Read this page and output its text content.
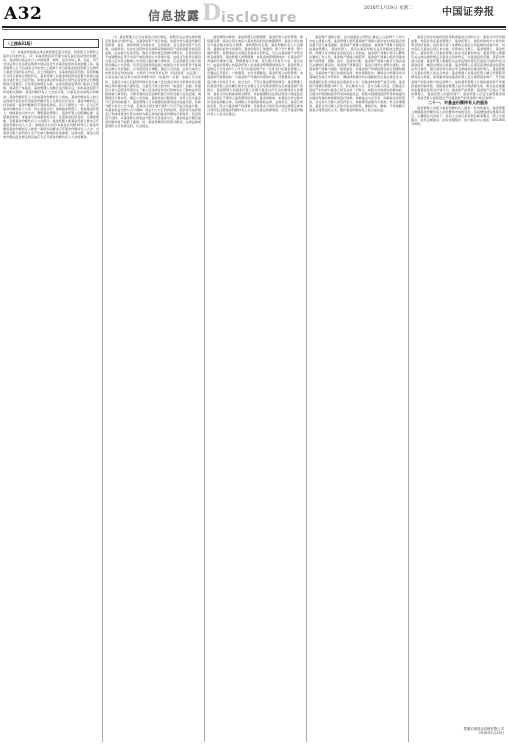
A32	信息披露 D isclosure
2016年1月19日 星期二	中国证券报
（上接A31版）
（1）本基金将按照法律法规的规定进行投资，投资组合比例符合基金合同的约定。（2）本基金的投资范围为具有良好流动性的金融工具，包括国内依法发行上市的股票、债券、货币市场工具、权证、资产支持证券以及法律法规或中国证监会允许基金投资的其他金融工具。基金管理人应当自基金合同生效之日起6个月内使基金的投资组合比例符合基金合同的有关约定。在上述期间内，本基金的投资范围、投资策略应当符合基金合同的约定。基金托管人对基金的投资的监督与检查自基金合同生效之日起开始。如果法律法规对基金合同约定投资组合比例限制进行变更的，以变更后的规定为准。法律法规或监管部门取消上述限制，如适用于本基金，基金管理人在履行适当程序后，则本基金投资不再受相关限制。基金份额持有人大会的召集、议事及表决的程序和规则：基金份额持有人大会由基金份额持有人组成，基金份额持有人的合法授权代表有权代表基金份额持有人出席会议并表决。基金份额持有人持有的每一基金份额拥有平等的投票权。有以下情形之一的，应当召开基金份额持有人大会：终止基金合同；更换基金管理人；更换基金托管人；转换基金运作方式；调整基金管理人、基金托管人的报酬标准；变更基金类别；本基金与其他基金的合并；变更基金投资目标、范围或策略；变更基金份额持有人大会程序；基金管理人或基金托管人要求召开基金份额持有人大会；单独或合计持有本基金总份额10%以上基金份额的基金份额持有人就同一事项书面要求召开基金份额持有人大会；对基金当事人权利和义务产生重大影响的其他事项；法律法规、基金合同或中国证监会规定的其他应当召开基金份额持有人大会的事项。
（1）基金管理人应当在基金合同生效后，按照有关法律法规的规定和基金合同的约定，对基金的资产进行估值。估值对象为基金所拥有的股票、权证、债券和银行存款本息、应收款项、其它投资等资产及负债。估值原则：对存在活跃市场且能够获取相同资产或负债报价的投资品种，在估值日有报价的，除会计准则规定的例外情况外，应将该报价不加调整地应用于该资产或负债的公允价值计量。估值日无报价且最近交易日后未发生影响公允价值计量的重大事件的，应采用最近交易日的报价确定公允价值。有充足证据表明估值日或最近交易日的报价不能真实反映公允价值的，应对报价进行调整，确定公允价值。证券交易所上市的有价证券的估值：交易所上市的有价证券（包括股票、权证等），以其估值日在证券交易所挂牌的市价（收盘价）估值；估值日无交易的，且最近交易日后经济环境未发生重大变化或证券发行机构未发生影响证券价格的重大事件的，以最近交易日的市价（收盘价）估值；如最近交易日后经济环境发生了重大变化或证券发行机构发生了影响证券价格的重大事件的，可参考类似投资品种的现行市价及重大变化因素，调整最近交易市价，确定公允价格。基金收益分配原则：在符合有关基金分红条件的前提下，基金管理人可以根据实际情况进行收益分配，具体分配方案以公告为准，若基金合同生效不满3个月可不进行收益分配；本基金收益分配方式分两种：现金分红与红利再投资，投资者可选择现金红利或将现金红利自动转为相应类别的基金份额进行再投资；若投资者不选择，本基金默认的收益分配方式是现金分红；基金收益分配后基金份额净值不能低于面值；每一基金份额享有同等分配权；法律法规或监管机关另有规定的，从其规定。
基金费用的种类：基金管理人的管理费；基金托管人的托管费；销售服务费；基金合同生效后与基金相关的信息披露费用；基金合同生效后与基金相关的会计师费、律师费和诉讼费；基金份额持有人大会费用；基金的证券交易费用；基金的银行汇划费用；账户开户费用、账户维护费用；按照国家有关规定和基金合同约定，可以在基金财产中列支的其他费用。基金管理人的管理费：本基金的管理费按前一日基金资产净值的年费率计提，管理费每日计算，逐日累计至每月月末，按月支付，由基金管理人向基金托管人发送基金管理费划款指令，基金托管人复核后于次月前5个工作日内从基金财产中一次性支付给基金管理人。若遇法定节假日、公休假等，支付日期顺延。基金托管人的托管费：本基金的托管费按前一日基金资产净值的年费率计提，托管费每日计算，逐日累计至每月月末，按月支付。不列入基金费用的项目：基金管理人和基金托管人因未履行或未完全履行义务导致的费用支出或基金财产的损失；基金管理人和基金托管人处理与基金运作无关的事项发生的费用；基金合同生效前的相关费用；其他根据相关法律法规及中国证监会的有关规定不得列入基金费用的项目。基金的税收：本基金运作过程中涉及的各纳税主体，其纳税义务按国家税收法律、法规执行。基金合同的变更、终止与基金财产的清算：变更基金合同涉及法律法规规定或本合同约定应经基金份额持有人大会决议通过的事项的，应召开基金份额持有人大会决议通过。
基金财产清算小组：自出现基金合同终止事由之日起30个工作日内成立清算小组，基金管理人组织基金财产清算小组并在中国证监会的监督下进行基金清算。基金财产清算小组组成：基金财产清算小组成员由基金管理人、基金托管人、具有从事证券相关业务资格的注册会计师、律师以及中国证监会指定的人员组成。基金财产清算小组可以聘用必要的工作人员。基金财产清算小组职责：基金财产清算小组负责基金财产的保管、清理、估价、变现和分配。基金财产清算小组可以依法进行必要的民事活动。基金财产清算程序：基金合同终止情形出现时，由基金财产清算小组统一接管基金；对基金财产和债权债务进行清理和确认；对基金财产进行估值和变现；制作清算报告；聘请会计师事务所对清算报告进行外部审计，聘请律师事务所对清算报告出具法律意见书；将清算报告报中国证监会备案并公告；对基金剩余财产进行分配。基金财产清算的期限为6个月。争议解决方式：各方当事人同意，因基金合同而产生的或与基金合同有关的一切争议，如经友好协商未能解决的，应提交中国国际经济贸易仲裁委员会，按照中国国际经济贸易仲裁委员会届时有效的仲裁规则进行仲裁。仲裁地点为北京市，仲裁裁决是终局的，并对各方当事人具有约束力，仲裁费用由败诉方承担。争议处理期间，基金合同当事人应恪守各自的职责，继续忠实、勤勉、尽责地履行基金合同规定的义务，维护基金份额持有人的合法权益。
基金合同存放地和投资者取得基金合同的方式：基金合同可印制成册，供投资者在基金管理人、基金托管人、销售机构的办公场所和营业场所查阅，投资者可按工本费购买基金合同复制件或复印件，但内容应以基金合同正本为准。托管协议当事人：基金管理人，基金托管人。基金托管人对基金管理人的业务监督和核查：基金托管人根据有关法律法规的规定及基金合同的约定，对基金投资范围、投资对象进行监督。基金托管人根据有关法律法规的规定及基金合同的约定对基金投资、融资比例进行监督。基金管理人应将其获得的基金投资的证券交易所、银行间市场交易对手名单提供给基金托管人。基金管理人对基金托管人的业务核查：基金管理人对基金托管人履行托管职责情况进行核查，核查事项包括基金托管人安全保管基金财产、开设基金财产的资金账户和证券账户、复核基金管理人计算的基金资产净值和基金份额净值、根据基金管理人指令办理清算交收、相关信息披露和监督基金投资运作等行为。基金财产的保管：基金财产应独立于基金管理人、基金托管人的固有财产。基金托管人应安全保管基金财产。基金托管人按照规定开设基金财产的资金账户和证券账户。
二十一、对基金份额持有人的服务
基金管理人承诺为基金份额持有人提供一系列的服务。基金管理人根据基金份额持有人的需要和市场的变化，有权增加或变更服务项目。主要服务内容如下：持有人交易记录查询及邮寄服务；网上交易服务；信息定制服务；投诉受理服务；客户服务中心电话：400-800-0000。
景顺长城基金管理有限公司
2016年1月19日
